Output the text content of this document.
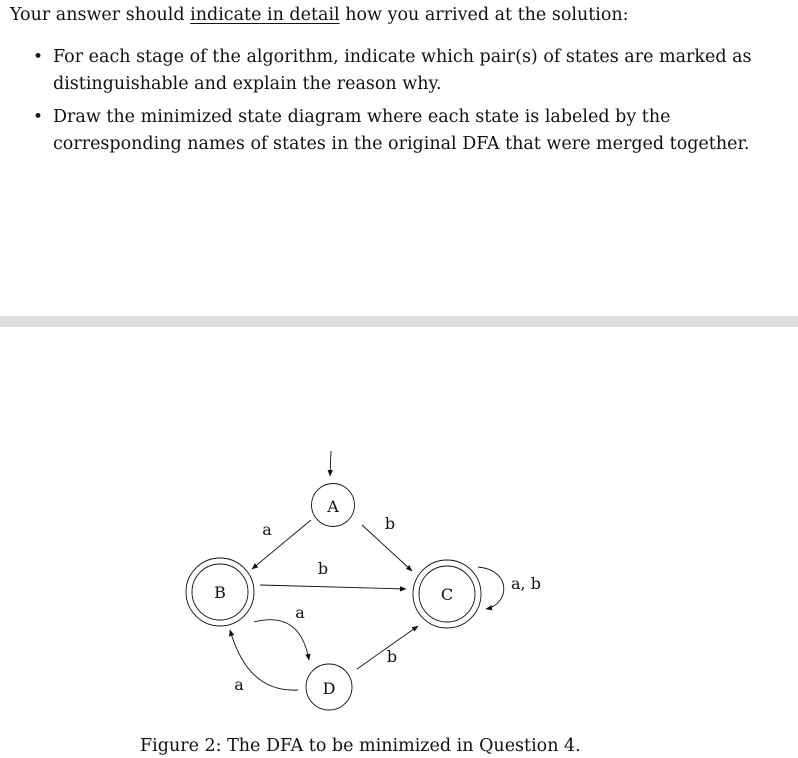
Your answer should indicate in detail how you arrived at the solution:

• For each stage of the algorithm, indicate which pair(s) of states are marked as distinguishable and explain the reason why.
• Draw the minimized state diagram where each state is labeled by the corresponding names of states in the original DFA that were merged together.
A
B	C
D
a	b
b
a
a
b
a, b

Figure 2: The DFA to be minimized in Question 4.
